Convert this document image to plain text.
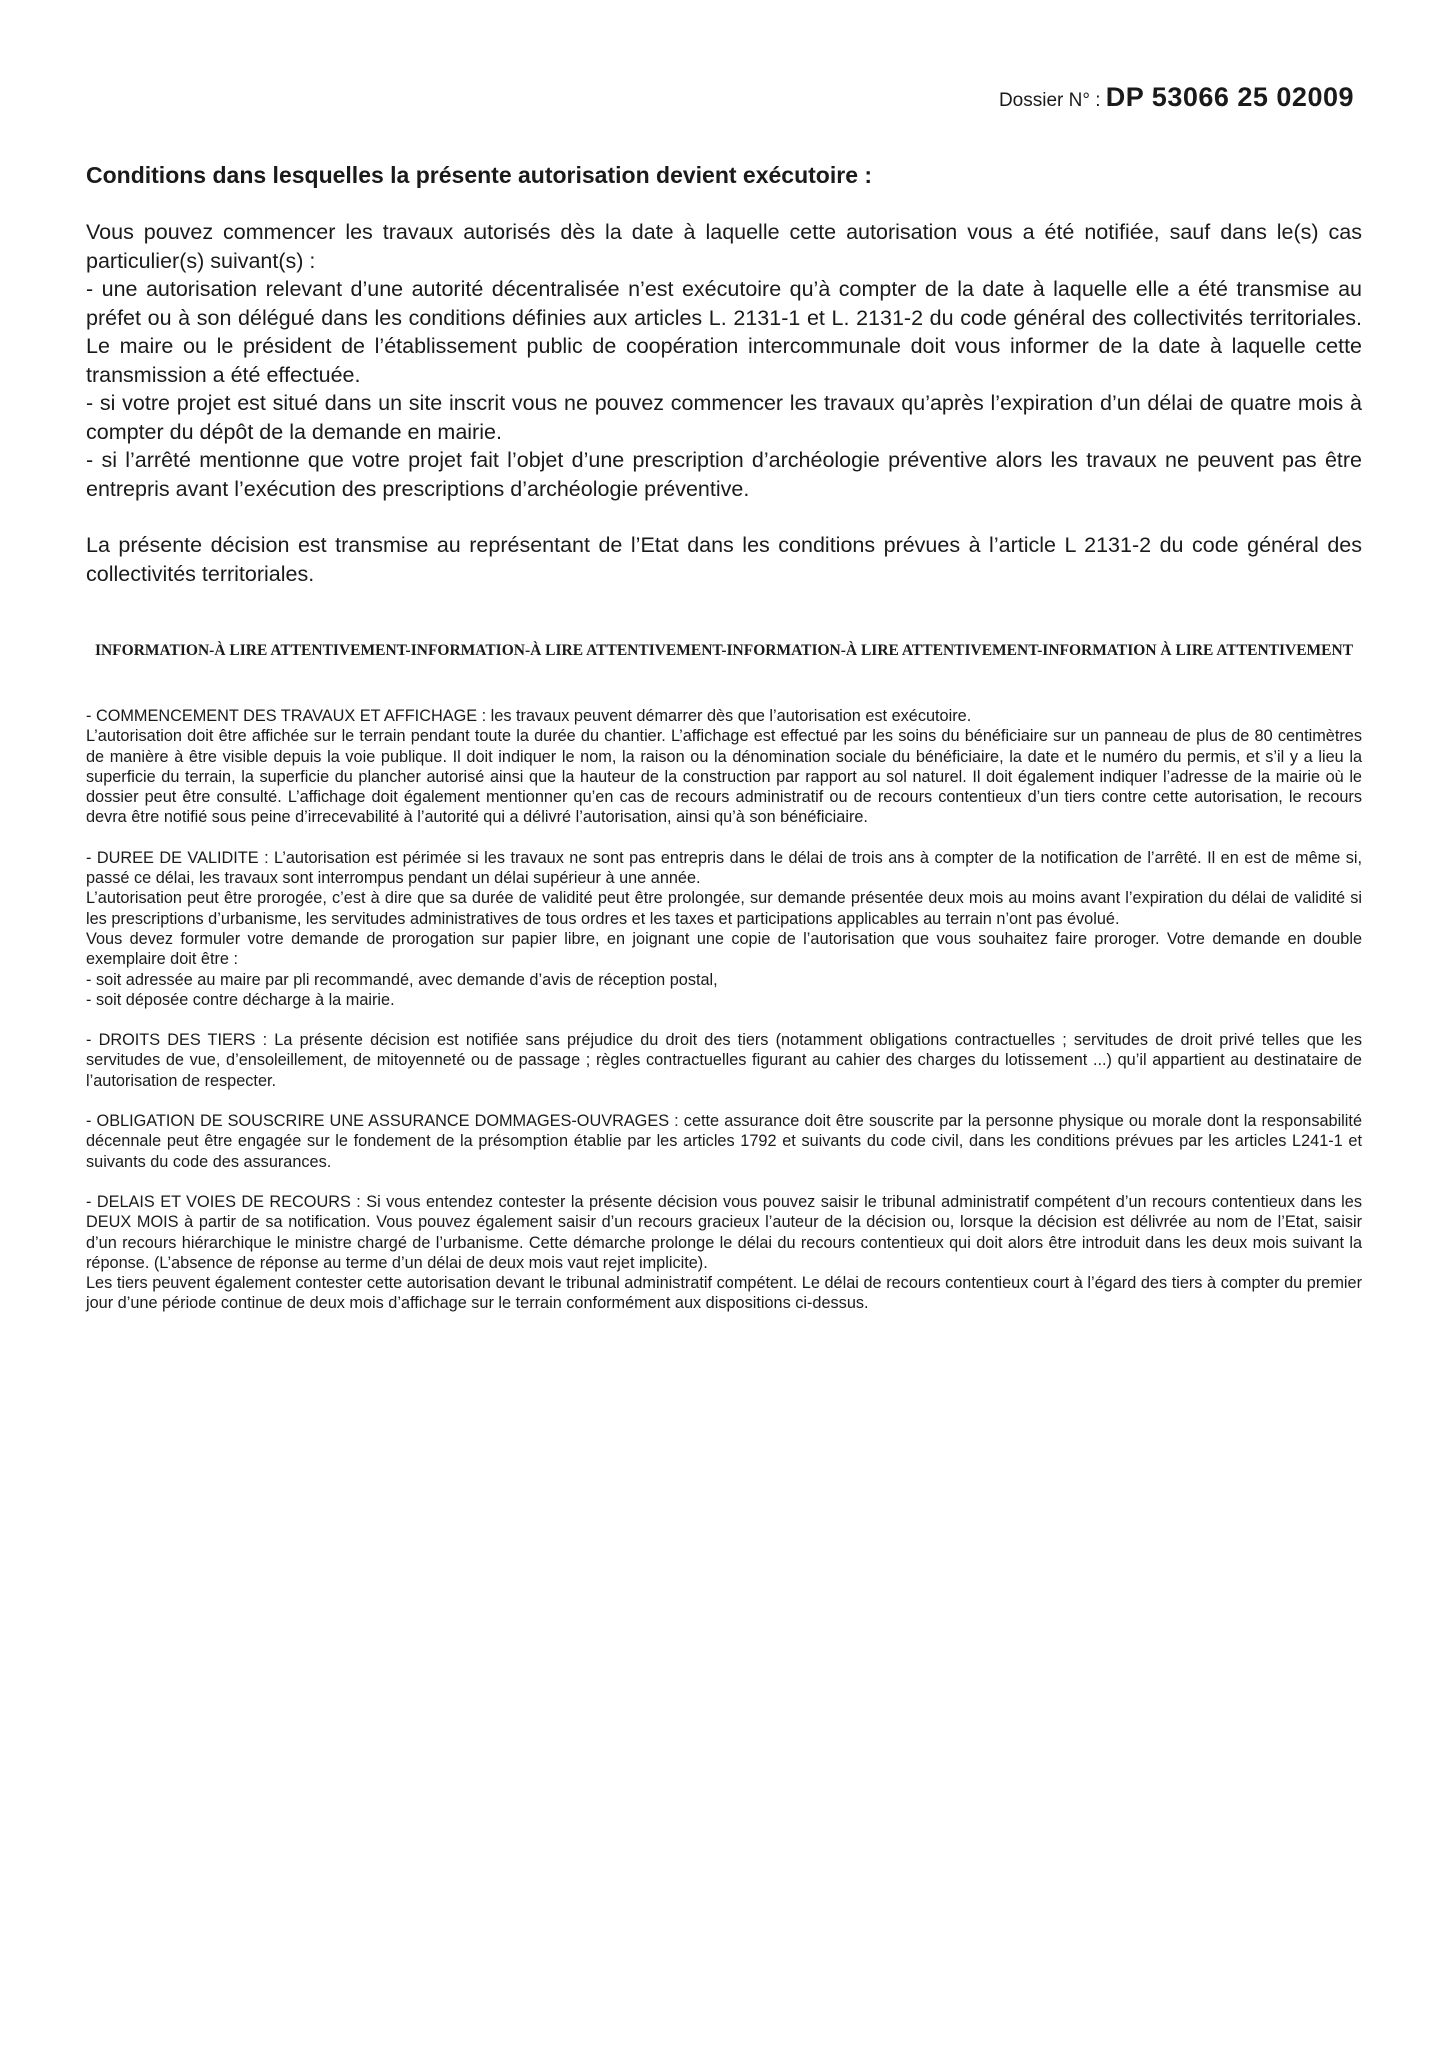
Dossier N° : DP 53066 25 02009
Conditions dans lesquelles la présente autorisation devient exécutoire :

Vous pouvez commencer les travaux autorisés dès la date à laquelle cette autorisation vous a été notifiée, sauf dans le(s) cas particulier(s) suivant(s) :

- une autorisation relevant d’une autorité décentralisée n’est exécutoire qu’à compter de la date à laquelle elle a été transmise au préfet ou à son délégué dans les conditions définies aux articles L. 2131-1 et L. 2131-2 du code général des collectivités territoriales. Le maire ou le président de l’établissement public de coopération intercommunale doit vous informer de la date à laquelle cette transmission a été effectuée.

- si votre projet est situé dans un site inscrit vous ne pouvez commencer les travaux qu’après l’expiration d’un délai de quatre mois à compter du dépôt de la demande en mairie.

- si l’arrêté mentionne que votre projet fait l’objet d’une prescription d’archéologie préventive alors les travaux ne peuvent pas être entrepris avant l’exécution des prescriptions d’archéologie préventive.

La présente décision est transmise au représentant de l’Etat dans les conditions prévues à l’article L 2131-2 du code général des collectivités territoriales.

INFORMATION-À LIRE ATTENTIVEMENT-INFORMATION-À LIRE ATTENTIVEMENT-INFORMATION-À LIRE ATTENTIVEMENT-INFORMATION À LIRE ATTENTIVEMENT

- COMMENCEMENT DES TRAVAUX ET AFFICHAGE : les travaux peuvent démarrer dès que l’autorisation est exécutoire.

L’autorisation doit être affichée sur le terrain pendant toute la durée du chantier. L’affichage est effectué par les soins du bénéficiaire sur un panneau de plus de 80 centimètres de manière à être visible depuis la voie publique. Il doit indiquer le nom, la raison ou la dénomination sociale du bénéficiaire, la date et le numéro du permis, et s’il y a lieu la superficie du terrain, la superficie du plancher autorisé ainsi que la hauteur de la construction par rapport au sol naturel. Il doit également indiquer l’adresse de la mairie où le dossier peut être consulté. L’affichage doit également mentionner qu’en cas de recours administratif ou de recours contentieux d’un tiers contre cette autorisation, le recours devra être notifié sous peine d’irrecevabilité à l’autorité qui a délivré l’autorisation, ainsi qu’à son bénéficiaire.

- DUREE DE VALIDITE : L’autorisation est périmée si les travaux ne sont pas entrepris dans le délai de trois ans à compter de la notification de l’arrêté. Il en est de même si, passé ce délai, les travaux sont interrompus pendant un délai supérieur à une année.

L’autorisation peut être prorogée, c’est à dire que sa durée de validité peut être prolongée, sur demande présentée deux mois au moins avant l’expiration du délai de validité si les prescriptions d’urbanisme, les servitudes administratives de tous ordres et les taxes et participations applicables au terrain n’ont pas évolué.

Vous devez formuler votre demande de prorogation sur papier libre, en joignant une copie de l’autorisation que vous souhaitez faire proroger. Votre demande en double exemplaire doit être :

- soit adressée au maire par pli recommandé, avec demande d’avis de réception postal,

- soit déposée contre décharge à la mairie.

- DROITS DES TIERS : La présente décision est notifiée sans préjudice du droit des tiers (notamment obligations contractuelles ; servitudes de droit privé telles que les servitudes de vue, d’ensoleillement, de mitoyenneté ou de passage ; règles contractuelles figurant au cahier des charges du lotissement ...) qu’il appartient au destinataire de l’autorisation de respecter.

- OBLIGATION DE SOUSCRIRE UNE ASSURANCE DOMMAGES-OUVRAGES : cette assurance doit être souscrite par la personne physique ou morale dont la responsabilité décennale peut être engagée sur le fondement de la présomption établie par les articles 1792 et suivants du code civil, dans les conditions prévues par les articles L241-1 et suivants du code des assurances.

- DELAIS ET VOIES DE RECOURS : Si vous entendez contester la présente décision vous pouvez saisir le tribunal administratif compétent d’un recours contentieux dans les DEUX MOIS à partir de sa notification. Vous pouvez également saisir d’un recours gracieux l’auteur de la décision ou, lorsque la décision est délivrée au nom de l’Etat, saisir d’un recours hiérarchique le ministre chargé de l’urbanisme. Cette démarche prolonge le délai du recours contentieux qui doit alors être introduit dans les deux mois suivant la réponse. (L’absence de réponse au terme d’un délai de deux mois vaut rejet implicite).

Les tiers peuvent également contester cette autorisation devant le tribunal administratif compétent. Le délai de recours contentieux court à l’égard des tiers à compter du premier jour d’une période continue de deux mois d’affichage sur le terrain conformément aux dispositions ci-dessus.
